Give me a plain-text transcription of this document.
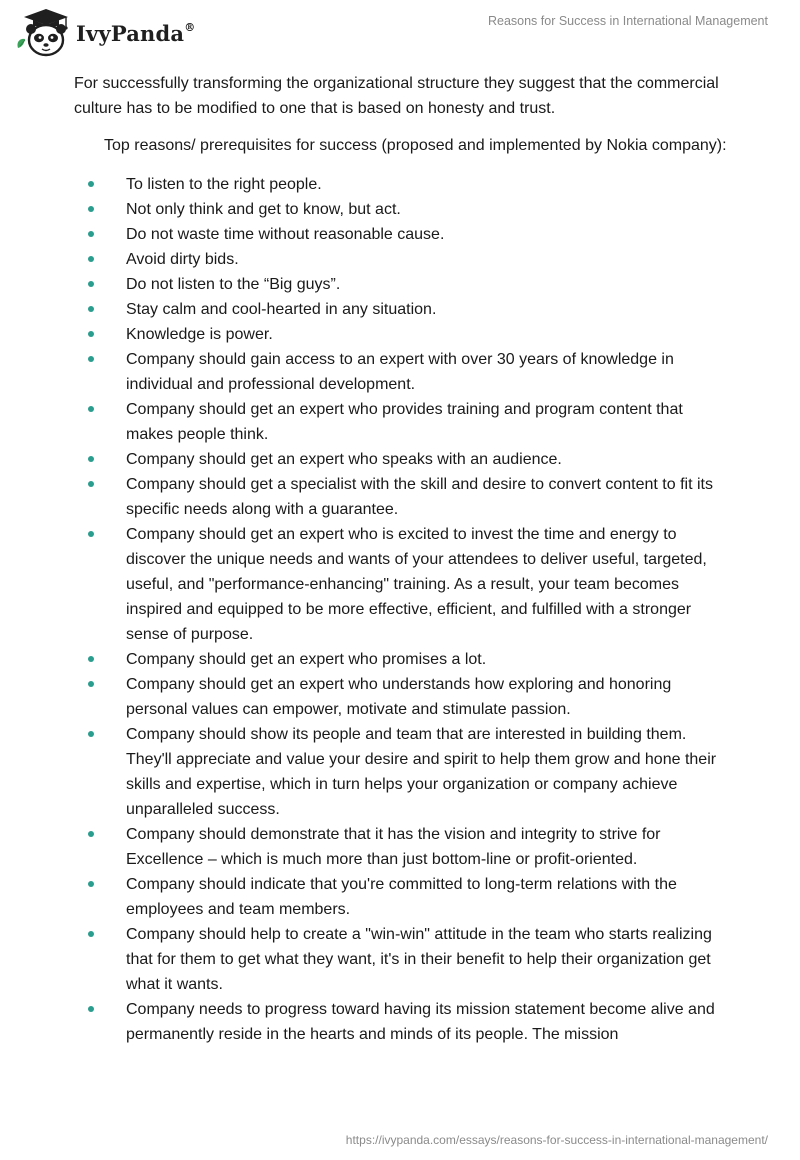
IvyPanda®	Reasons for Success in International Management

For successfully transforming the organizational structure they suggest that the commercial culture has to be modified to one that is based on honesty and trust.

Top reasons/ prerequisites for success (proposed and implemented by Nokia company):

To listen to the right people.
Not only think and get to know, but act.
Do not waste time without reasonable cause.
Avoid dirty bids.
Do not listen to the “Big guys”.
Stay calm and cool-hearted in any situation.
Knowledge is power.
Company should gain access to an expert with over 30 years of knowledge in individual and professional development.
Company should get an expert who provides training and program content that makes people think.
Company should get an expert who speaks with an audience.
Company should get a specialist with the skill and desire to convert content to fit its specific needs along with a guarantee.
Company should get an expert who is excited to invest the time and energy to discover the unique needs and wants of your attendees to deliver useful, targeted, useful, and "performance-enhancing" training. As a result, your team becomes inspired and equipped to be more effective, efficient, and fulfilled with a stronger sense of purpose.
Company should get an expert who promises a lot.
Company should get an expert who understands how exploring and honoring personal values can empower, motivate and stimulate passion.
Company should show its people and team that are interested in building them. They'll appreciate and value your desire and spirit to help them grow and hone their skills and expertise, which in turn helps your organization or company achieve unparalleled success.
Company should demonstrate that it has the vision and integrity to strive for Excellence – which is much more than just bottom-line or profit-oriented.
Company should indicate that you're committed to long-term relations with the employees and team members.
Company should help to create a "win-win" attitude in the team who starts realizing that for them to get what they want, it's in their benefit to help their organization get what it wants.
Company needs to progress toward having its mission statement become alive and permanently reside in the hearts and minds of its people. The mission
https://ivypanda.com/essays/reasons-for-success-in-international-management/
